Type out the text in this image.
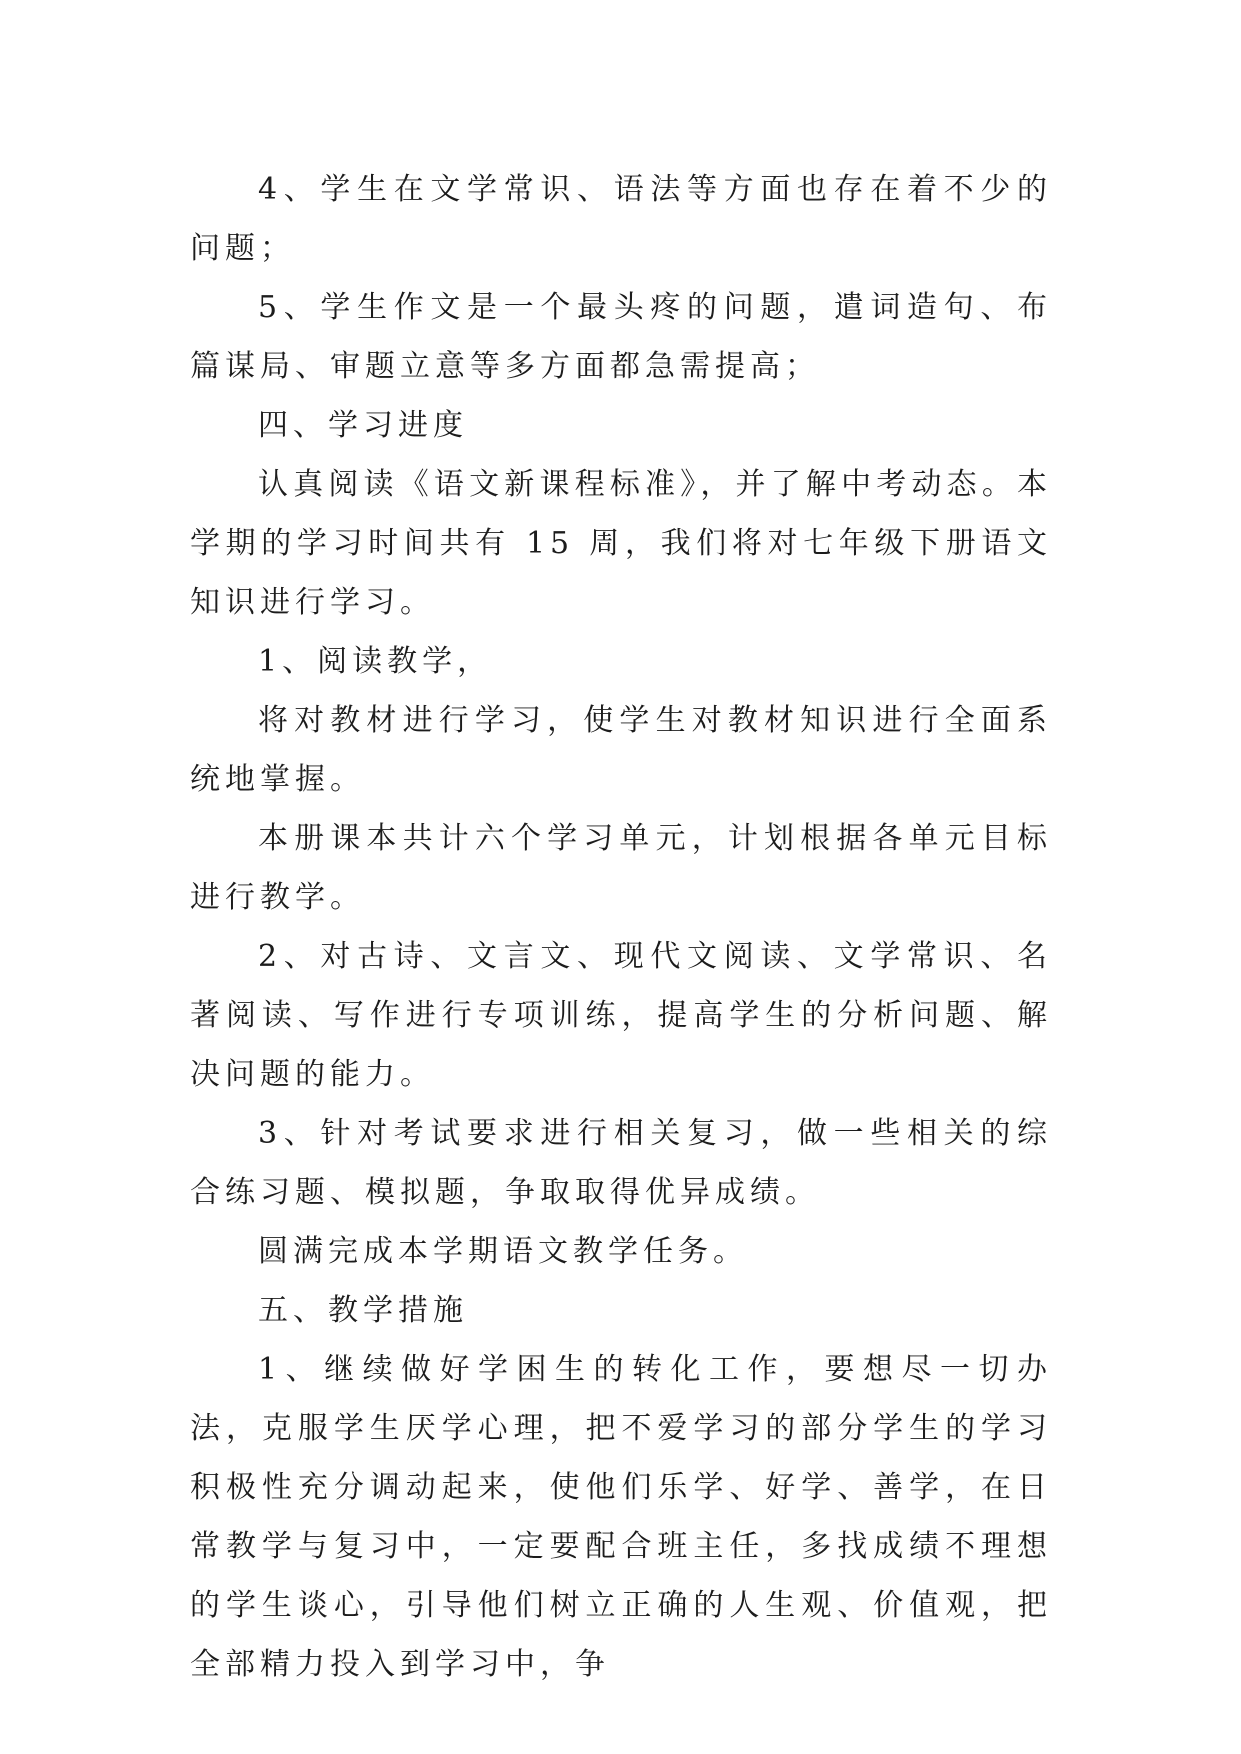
4、学生在文学常识、语法等方面也存在着不少的问题；

5、学生作文是一个最头疼的问题，遣词造句、布篇谋局、审题立意等多方面都急需提高；

四、学习进度

认真阅读《语文新课程标准》，并了解中考动态。本学期的学习时间共有 15 周，我们将对七年级下册语文知识进行学习。

1、阅读教学，

将对教材进行学习，使学生对教材知识进行全面系统地掌握。

本册课本共计六个学习单元，计划根据各单元目标进行教学。

2、对古诗、文言文、现代文阅读、文学常识、名著阅读、写作进行专项训练，提高学生的分析问题、解决问题的能力。

3、针对考试要求进行相关复习，做一些相关的综合练习题、模拟题，争取取得优异成绩。

圆满完成本学期语文教学任务。

五、教学措施

1、继续做好学困生的转化工作，要想尽一切办法，克服学生厌学心理，把不爱学习的部分学生的学习积极性充分调动起来，使他们乐学、好学、善学，在日常教学与复习中，一定要配合班主任，多找成绩不理想的学生谈心，引导他们树立正确的人生观、价值观，把全部精力投入到学习中，争
